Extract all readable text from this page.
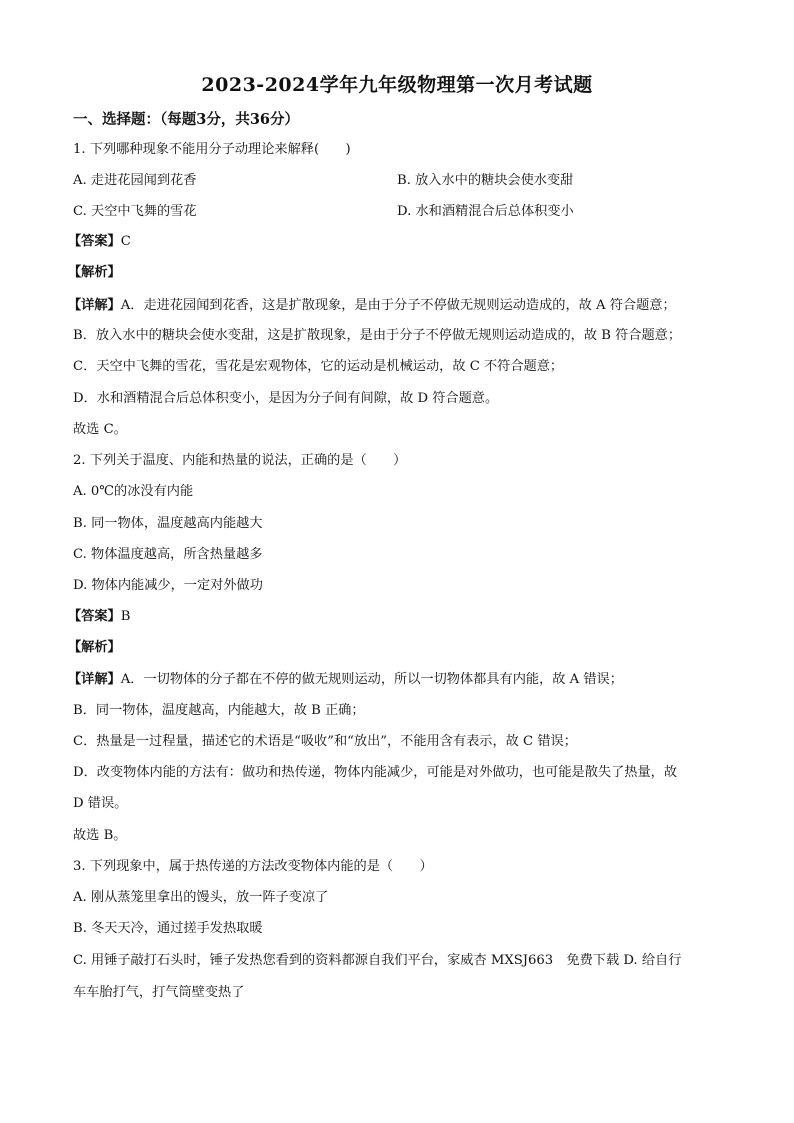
2023-2024学年九年级物理第一次月考试题
一、选择题：（每题3分，共36分）
1. 下列哪种现象不能用分子动理论来解释(　　)
A. 走进花园闻到花香	B. 放入水中的糖块会使水变甜
C. 天空中飞舞的雪花	D. 水和酒精混合后总体积变小
【答案】C
【解析】
【详解】A．走进花园闻到花香，这是扩散现象，是由于分子不停做无规则运动造成的，故 A 符合题意；
B．放入水中的糖块会使水变甜，这是扩散现象，是由于分子不停做无规则运动造成的，故 B 符合题意；
C．天空中飞舞的雪花，雪花是宏观物体，它的运动是机械运动，故 C 不符合题意；
D．水和酒精混合后总体积变小，是因为分子间有间隙，故 D 符合题意。
故选 C。
2. 下列关于温度、内能和热量的说法，正确的是（　　）
A. 0℃的冰没有内能
B. 同一物体，温度越高内能越大
C. 物体温度越高，所含热量越多
D. 物体内能减少，一定对外做功
【答案】B
【解析】
【详解】A．一切物体的分子都在不停的做无规则运动，所以一切物体都具有内能，故 A 错误；
B．同一物体，温度越高，内能越大，故 B 正确；
C．热量是一过程量，描述它的术语是“吸收”和“放出”，不能用含有表示，故 C 错误；
D．改变物体内能的方法有：做功和热传递，物体内能减少，可能是对外做功，也可能是散失了热量，故
D 错误。
故选 B。
3. 下列现象中，属于热传递的方法改变物体内能的是（　　）
A. 刚从蒸笼里拿出的馒头，放一阵子变凉了
B. 冬天天冷，通过搓手发热取暖
C. 用锤子敲打石头时，锤子发热您看到的资料都源自我们平台，家威杏 MXSJ663　免费下载 D. 给自行
车车胎打气，打气筒壁变热了
